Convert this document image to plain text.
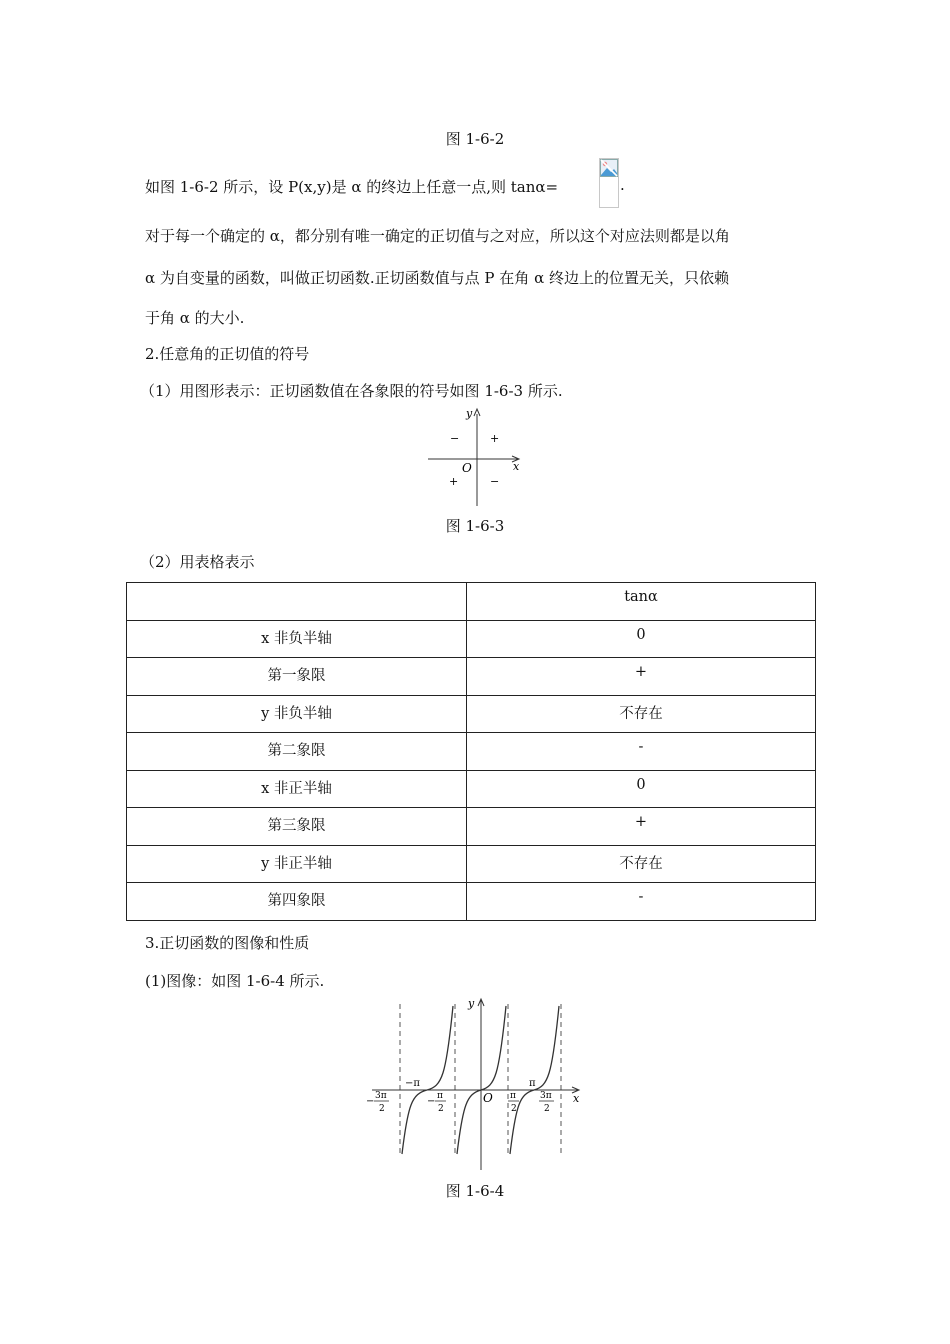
图 1-6-2
如图 1-6-2 所示，设 P(x,y)是 α 的终边上任意一点,则 tanα=	.
对于每一个确定的 α，都分别有唯一确定的正切值与之对应，所以这个对应法则都是以角
α 为自变量的函数，叫做正切函数.正切函数值与点 P 在角 α 终边上的位置无关，只依赖
于角 α 的大小.
2.任意角的正切值的符号
（1）用图形表示：正切函数值在各象限的符号如图 1-6-3 所示.
y
x
O
−	+
+	−
图 1-6-3
（2）用表格表示
	tanα
x 非负半轴	0
第一象限	+
y 非负半轴	不存在
第二象限	-
x 非正半轴	0
第三象限	+
y 非正半轴	不存在
第四象限	-
3.正切函数的图像和性质
(1)图像：如图 1-6-4 所示.
y
x
O
−π	π
− 3π
2
− π
2
π
2
3π
2
图 1-6-4
